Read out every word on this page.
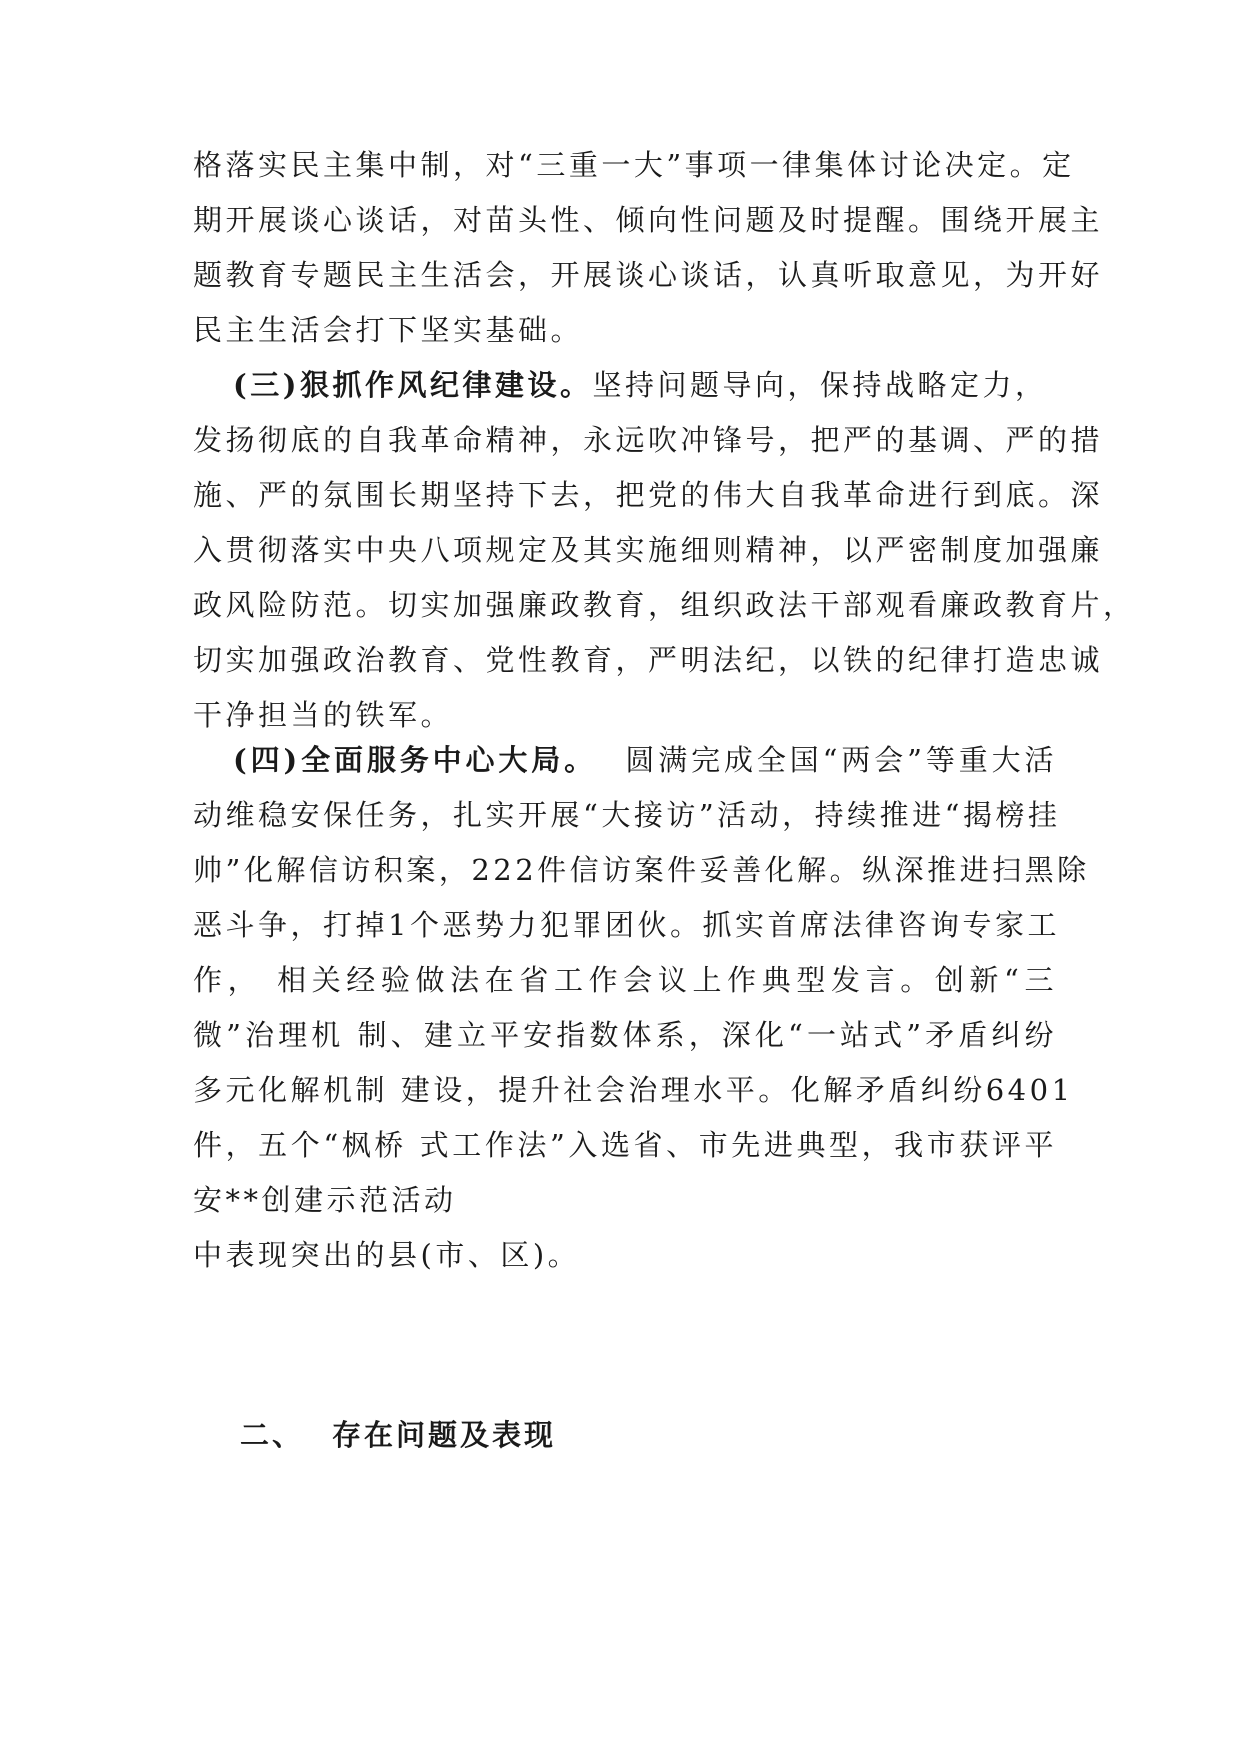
格落实民主集中制，对“三重一大”事项一律集体讨论决定。定
期开展谈心谈话，对苗头性、倾向性问题及时提醒。围绕开展主
题教育专题民主生活会，开展谈心谈话，认真听取意见，为开好
民主生活会打下坚实基础。

(三)狠抓作风纪律建设。坚持问题导向，保持战略定力，
发扬彻底的自我革命精神，永远吹冲锋号，把严的基调、严的措
施、严的氛围长期坚持下去，把党的伟大自我革命进行到底。深
入贯彻落实中央八项规定及其实施细则精神，以严密制度加强廉
政风险防范。切实加强廉政教育，组织政法干部观看廉政教育片，
切实加强政治教育、党性教育，严明法纪，以铁的纪律打造忠诚
干净担当的铁军。

(四)全面服务中心大局。 圆满完成全国“两会”等重大活
动维稳安保任务，扎实开展“大接访”活动，持续推进“揭榜挂
帅”化解信访积案，222件信访案件妥善化解。纵深推进扫黑除
恶斗争，打掉1个恶势力犯罪团伙。抓实首席法律咨询专家工
作， 相关经验做法在省工作会议上作典型发言。创新“三
微”治理机 制、建立平安指数体系，深化“一站式”矛盾纠纷
多元化解机制 建设，提升社会治理水平。化解矛盾纠纷6401
件，五个“枫桥 式工作法”入选省、市先进典型，我市获评平
安**创建示范活动
中表现突出的县(市、区)。

二、 存在问题及表现
